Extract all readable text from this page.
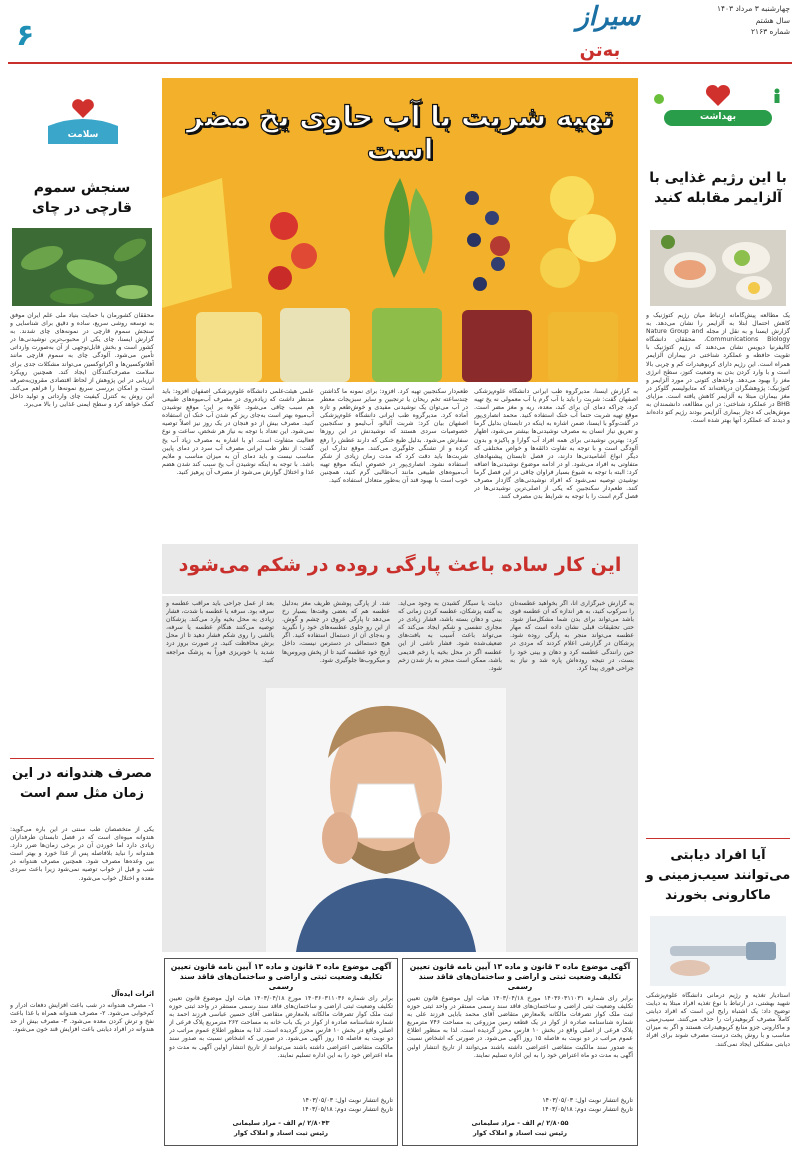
۶	به‌تن
چهارشنبه ۳ مرداد ۱۴۰۳
سال هشتم
شماره ۲۱۶۳
سیراز
بهداشت
با این رژیم غذایی با آلزایمر مقابله کنید
یک مطالعه پیش‌گامانه ارتباط میان رژیم کتوژنیک و کاهش احتمال ابتلا به آلزایمر را نشان می‌دهد. به گزارش ایسنا و به نقل از مجله Nature Group and Communications Biology، محققان دانشگاه کالیفرنیا دیویس نشان می‌دهند که رژیم کتوژنیک با تقویت حافظه و عملکرد شناختی در بیماران آلزایمر همراه است. این رژیم دارای کربوهیدرات کم و چربی بالا است و با وارد کردن بدن به وضعیت کتوز، سطح انرژی مغز را بهبود می‌دهد. واحدهای کتونی در مورد آلزایمر و کتوژنیک: پژوهشگران دریافته‌اند که متابولیسم گلوکز در مغز بیماران مبتلا به آلزایمر کاهش یافته است. مزایای BHB در عملکرد شناختی: در این مطالعه، دانشمندان به موش‌هایی که دچار بیماری آلزایمر بودند رژیم کتو داده‌اند و دیدند که عملکرد آنها بهتر شده است.
آیا افراد دیابتی می‌توانند سیب‌زمینی و ماکارونی بخورند
استادیار تغذیه و رژیم درمانی دانشگاه علوم‌پزشکی شهید بهشتی، در ارتباط با نوع تغذیه افراد مبتلا به دیابت توضیح داد: یک اشتباه رایج این است که افراد دیابتی کاملاً مصرف کربوهیدرات را حذف می‌کنند. سیب‌زمینی و ماکارونی جزو منابع کربوهیدرات هستند و اگر به میزان مناسب و با روش پخت درست مصرف شوند برای افراد دیابتی مشکلی ایجاد نمی‌کنند.
سلامت
سنجش سموم قارچی در چای
محققان کشورمان با حمایت بنیاد ملی علم ایران موفق به توسعه روشی سریع، ساده و دقیق برای شناسایی و سنجش سموم قارچی در نمونه‌های چای شدند. به گزارش ایسنا، چای یکی از محبوب‌ترین نوشیدنی‌ها در کشور است و بخش قابل‌توجهی از آن به‌صورت وارداتی تأمین می‌شود. آلودگی چای به سموم قارچی مانند آفلاتوکسین‌ها و اکراتوکسین می‌تواند مشکلات جدی برای سلامت مصرف‌کنندگان ایجاد کند. همچنین رویکرد ارزیابی در این پژوهش از لحاظ اقتصادی مقرون‌به‌صرفه است و امکان بررسی سریع نمونه‌ها را فراهم می‌کند. این روش به کنترل کیفیت چای وارداتی و تولید داخل کمک خواهد کرد و سطح ایمنی غذایی را بالا می‌برد.
مصرف هندوانه در این زمان مثل سم است
یکی از متخصصان طب سنتی در این باره می‌گوید: هندوانه میوه‌ای است که در فصل تابستان طرفداران زیادی دارد اما خوردن آن در برخی زمان‌ها ضرر دارد. هندوانه را نباید بلافاصله پس از غذا خورد و بهتر است بین وعده‌ها مصرف شود. همچنین مصرف هندوانه در شب و قبل از خواب توصیه نمی‌شود زیرا باعث سردی معده و اختلال خواب می‌شود.
اثرات ایده‌آل
۱- مصرف هندوانه در شب باعث افزایش دفعات ادرار و کم‌خوابی می‌شود. ۲- مصرف هندوانه همراه با غذا باعث نفخ و ترش کردن معده می‌شود. ۳- مصرف بیش از حد هندوانه در افراد دیابتی باعث افزایش قند خون می‌شود.
تهیه شربت با آب حاوی یخ مضر است
به گزارش ایسنا، مدیرگروه طب ایرانی دانشگاه علوم‌پزشکی اصفهان گفت: شربت را باید با آب گرم یا آب معمولی نه یخ تهیه کرد، چراکه دمای آن برای کبد، معده، ریه و مغز مضر است. موقع تهیه شربت حتما آب خنک استفاده کنید. محمد انصاری‌پور در گفت‌وگو با ایسنا، ضمن اشاره به اینکه در تابستان بدلیل گرما و تعریق نیاز انسان به مصرف نوشیدنی‌ها بیشتر می‌شود، اظهار کرد: بهترین نوشیدنی برای همه افراد آب گوارا و پاکیزه و بدون آلودگی است و با توجه به تفاوت ذائقه‌ها و خواص مختلفی که دیگر انواع آشامیدنی‌ها دارند، در فصل تابستان پیشنهادهای متفاوتی به افراد می‌شود. او در ادامه موضوع نوشیدنی‌ها اضافه کرد: البته با توجه به شیوع بسیار فراوان چاقی در این فصل گرما نوشیدن توصیه نمی‌شود که افراد نوشیدنی‌های گازدار مصرف کنند. طعم‌دار سکنجبین که یکی از اصلی‌ترین نوشیدنی‌ها در فصل گرم است را با توجه به شرایط بدن مصرف کنند.
طعم‌دار سکنجبین تهیه کرد. افزود: برای نمونه ما گذاشتن چندساعته تخم ریحان یا ترنجبین و سایر سبزیجات معطر در آب می‌توان یک نوشیدنی مفیدی و خوش‌طعم و تازه آماده کرد. مدیرگروه طب ایرانی دانشگاه علوم‌پزشکی اصفهان بیان کرد: شربت آلبالو، آب‌لیمو و سکنجبین خصوصیات سردی هستند که نوشیدنش در این روزها سفارش می‌شود. بدلیل طبع خنکی که دارند عطش را رفع کرده و از تشنگی جلوگیری می‌کنند. موقع تدارک این شربت‌ها باید دقت کرد که مدت زمان زیادی از شکر استفاده نشود. انصاری‌پور در خصوص اینکه موقع تهیه آب‌میوه‌های طبیعی مانند آب‌طالبی گرم‌ کنید، همچنین خوب است با بهبود قند آن به‌طور متعادل استفاده کنید.
علمی هیئت‌علمی دانشگاه علوم‌پزشکی اصفهان افزود: باید مدنظر داشت که زیاده‌روی در مصرف آب‌میوه‌های طبیعی هم سبب چاقی می‌شود. علاوه بر این؛ موقع نوشیدن آب‌میوه بهتر است به‌جای ریز کم شدن آب خنک آن استفاده کنید. مصرف بیش از دو فنجان در یک روز نیز اصلاً توصیه نمی‌شود. این تعداد با توجه به نیاز هر شخص، ساعت و نوع فعالیت متفاوت است. او با اشاره به مصرف زیاد آب یخ گفت: از نظر طب ایرانی مصرف آب سرد در دمای پایین مناسب نیست و باید دمای آن به میزان مناسب و ملایم باشد. با توجه به اینکه نوشیدن آب یخ سبب کند شدن هضم غذا و اختلال گوارش می‌شود از مصرف آن پرهیز کنید.
این کار ساده باعث پارگی روده در شکم می‌شود
به گزارش خبرگزاری آنا، اگر بخواهید عطسه‌تان را سرکوب کنید، به هر اندازه که آن عطسه قوی باشد می‌تواند برای بدن شما مشکل‌ساز شود. حتی تحقیقات قبلی نشان داده است که مهار عطسه می‌تواند منجر به پارگی روده شود. پزشکان در گزارشی اعلام کردند که مردی در حین رانندگی عطسه کرد و دهان و بینی خود را بست، در نتیجه روده‌اش پاره شد و نیاز به جراحی فوری پیدا کرد.
دیابت یا سیگار کشیدن به وجود می‌آید. به گفته پزشکان، عطسه کردن زمانی که بینی و دهان بسته باشد، فشار زیادی در مجاری تنفسی و شکم ایجاد می‌کند که می‌تواند باعث آسیب به بافت‌های ضعیف‌شده شود. فشار ناشی از این عطسه اگر در محل بخیه یا زخم قدیمی باشد، ممکن است منجر به باز شدن زخم شود.
شد. از پارگی پوشش ظریف مغز به‌دلیل عطسه هم که بعضی وقت‌ها بسیار رخ می‌دهد تا پارگی عروق در چشم و گوش. از این رو جلوی عطسه‌های خود را نگیرید و به‌جای آن از دستمال استفاده کنید. اگر هیچ دستمالی در دسترس نیست، داخل آرنج خود عطسه کنید تا از پخش ویروس‌ها و میکروب‌ها جلوگیری شود.
بعد از عمل جراحی باید مراقب عطسه و سرفه بود. سرفه یا عطسه با شدت، فشار زیادی به محل بخیه وارد می‌کند. پزشکان توصیه می‌کنند هنگام عطسه یا سرفه، بالشی را روی شکم فشار دهید تا از محل برش محافظت کنید. در صورت بروز درد شدید یا خونریزی فوراً به پزشک مراجعه کنید.
آگهی موضوع ماده ۳ قانون و ماده ۱۳ آیین نامه قانون تعیین تکلیف وضعیت ثبتی و اراضی و ساختمان‌های فاقد سند رسمی
برابر رأی شماره ۱۴۰۳۶۰۳۱۱۰۳۱ مورخ ۱۴۰۳/۰۴/۱۸ هیأت اول موضوع قانون تعیین تکلیف وضعیت ثبتی اراضی و ساختمان‌های فاقد سند رسمی مستقر در واحد ثبتی حوزه ثبت ملک کوار تصرفات مالکانه بلامعارض متقاضی آقای محمد بابایی فرزند علی به شماره شناسنامه صادره از کوار در یک قطعه زمین مزروعی به مساحت ۷۴۶ مترمربع پلاک فرعی از اصلی واقع در بخش ۱۰ فارس محرز گردیده است. لذا به منظور اطلاع عموم مراتب در دو نوبت به فاصله ۱۵ روز آگهی می‌شود. در صورتی که اشخاص نسبت به صدور سند مالکیت متقاضی اعتراضی داشته باشند می‌توانند از تاریخ انتشار اولین آگهی به مدت دو ماه اعتراض خود را به این اداره تسلیم نمایند.
تاریخ انتشار نوبت اول: ۱۴۰۳/۰۵/۰۳
تاریخ انتشار نوبت دوم: ۱۴۰۳/۰۵/۱۸
۲/۸۰۵۵ /م الف - مراد سلیمانی
رئیس ثبت اسناد و املاک کوار
آگهی موضوع ماده ۳ قانون و ماده ۱۳ آیین نامه قانون تعیین تکلیف وضعیت ثبتی و اراضی و ساختمان‌های فاقد سند رسمی
برابر رأی شماره ۱۴۰۳۶۰۳۱۱۰۳۶ مورخ ۱۴۰۳/۰۴/۱۸ هیأت اول موضوع قانون تعیین تکلیف وضعیت ثبتی اراضی و ساختمان‌های فاقد سند رسمی مستقر در واحد ثبتی حوزه ثبت ملک کوار تصرفات مالکانه بلامعارض متقاضی آقای حسین عباسی فرزند احمد به شماره شناسنامه صادره از کوار در یک باب خانه به مساحت ۲۶۲ مترمربع پلاک فرعی از اصلی واقع در بخش ۱۰ فارس محرز گردیده است. لذا به منظور اطلاع عموم مراتب در دو نوبت به فاصله ۱۵ روز آگهی می‌شود. در صورتی که اشخاص نسبت به صدور سند مالکیت متقاضی اعتراضی داشته باشند می‌توانند از تاریخ انتشار اولین آگهی به مدت دو ماه اعتراض خود را به این اداره تسلیم نمایند.
تاریخ انتشار نوبت اول: ۱۴۰۳/۰۵/۰۳
تاریخ انتشار نوبت دوم: ۱۴۰۳/۰۵/۱۸
۲/۸۰۴۳ /م الف - مراد سلیمانی
رئیس ثبت اسناد و املاک کوار
